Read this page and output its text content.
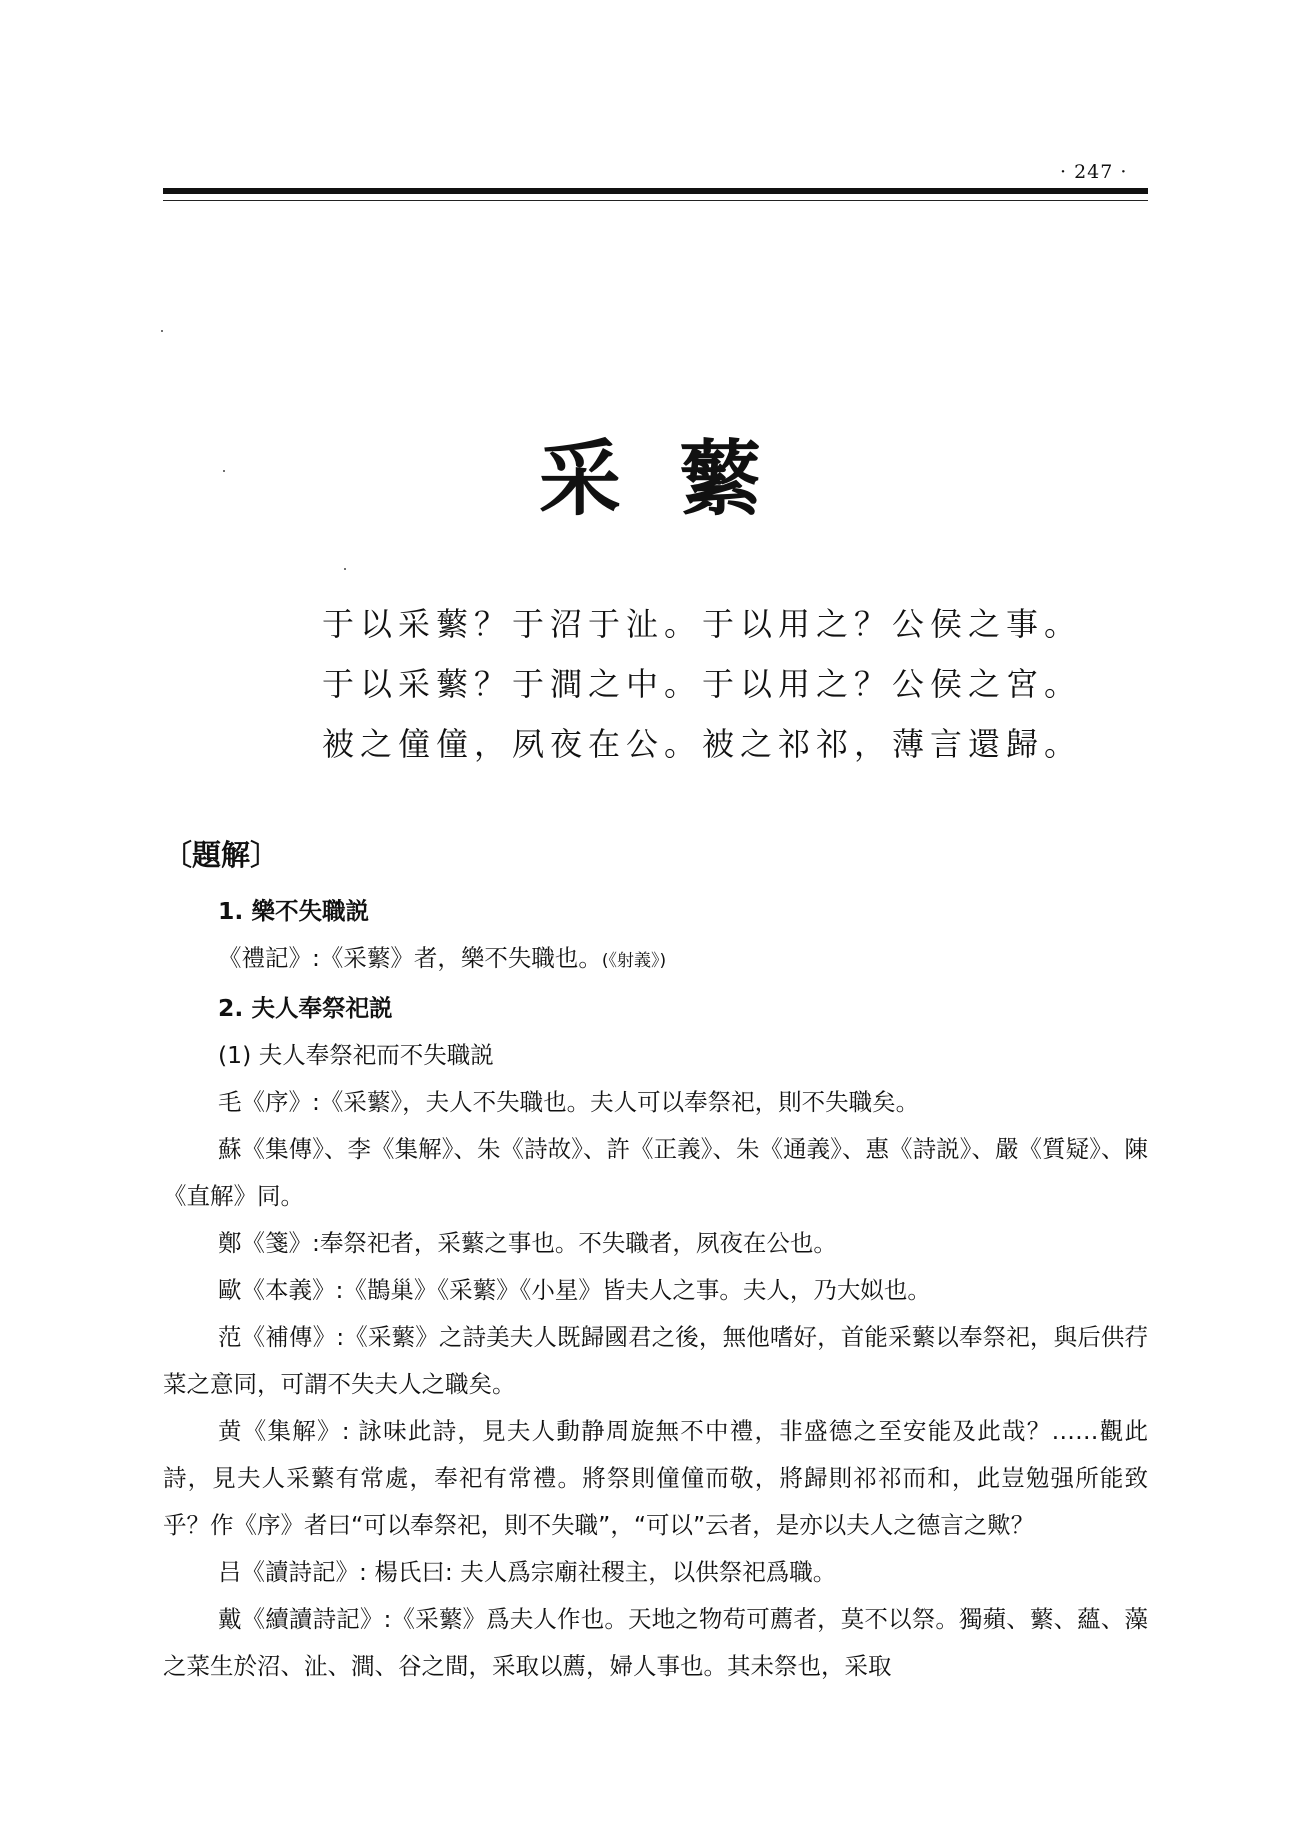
· 247 ·
采蘩
于以采蘩？于沼于沚。于以用之？公侯之事。
于以采蘩？于澗之中。于以用之？公侯之宮。
被之僮僮，夙夜在公。被之祁祁，薄言還歸。
〔題解〕

1. 樂不失職説

《禮記》:《采蘩》者，樂不失職也。(《射義》)

2. 夫人奉祭祀説

(1) 夫人奉祭祀而不失職説

毛《序》:《采蘩》，夫人不失職也。夫人可以奉祭祀，則不失職矣。

蘇《集傳》、李《集解》、朱《詩故》、許《正義》、朱《通義》、惠《詩説》、嚴《質疑》、陳《直解》同。

鄭《箋》:奉祭祀者，采蘩之事也。不失職者，夙夜在公也。

歐《本義》:《鵲巢》《采蘩》《小星》皆夫人之事。夫人，乃大姒也。

范《補傳》:《采蘩》之詩美夫人既歸國君之後，無他嗜好，首能采蘩以奉祭祀，與后供荇菜之意同，可謂不失夫人之職矣。

黄《集解》: 詠味此詩，見夫人動静周旋無不中禮，非盛德之至安能及此哉？……觀此詩，見夫人采蘩有常處，奉祀有常禮。將祭則僮僮而敬，將歸則祁祁而和，此豈勉强所能致乎？作《序》者曰“可以奉祭祀，則不失職”，“可以”云者，是亦以夫人之德言之歟？

吕《讀詩記》: 楊氏曰: 夫人爲宗廟社稷主，以供祭祀爲職。

戴《續讀詩記》:《采蘩》爲夫人作也。天地之物苟可薦者，莫不以祭。獨蘋、蘩、蘊、藻之菜生於沼、沚、澗、谷之間，采取以薦，婦人事也。其未祭也，采取
